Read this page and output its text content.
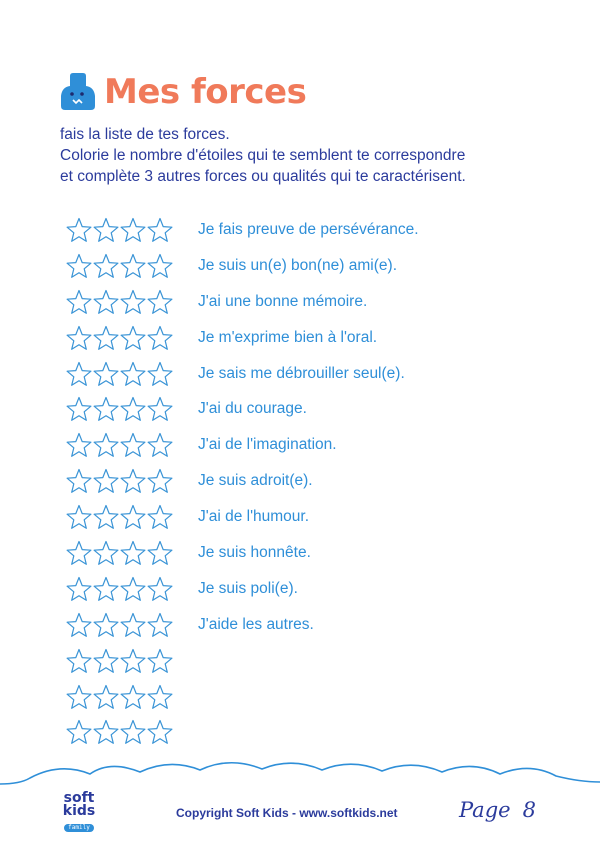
Mes forces
fais la liste de tes forces.
Colorie le nombre d'étoiles qui te semblent te correspondre
et complète 3 autres forces ou qualités qui te caractérisent.
Je fais preuve de persévérance.
Je suis un(e) bon(ne) ami(e).
J'ai une bonne mémoire.
Je m'exprime bien à l'oral.
Je sais me débrouiller seul(e).
J'ai du courage.
J'ai de l'imagination.
Je suis adroit(e).
J'ai de l'humour.
Je suis honnête.
Je suis poli(e).
J'aide les autres.
soft
kids
family
Copyright Soft Kids - www.softkids.net	Page 8
